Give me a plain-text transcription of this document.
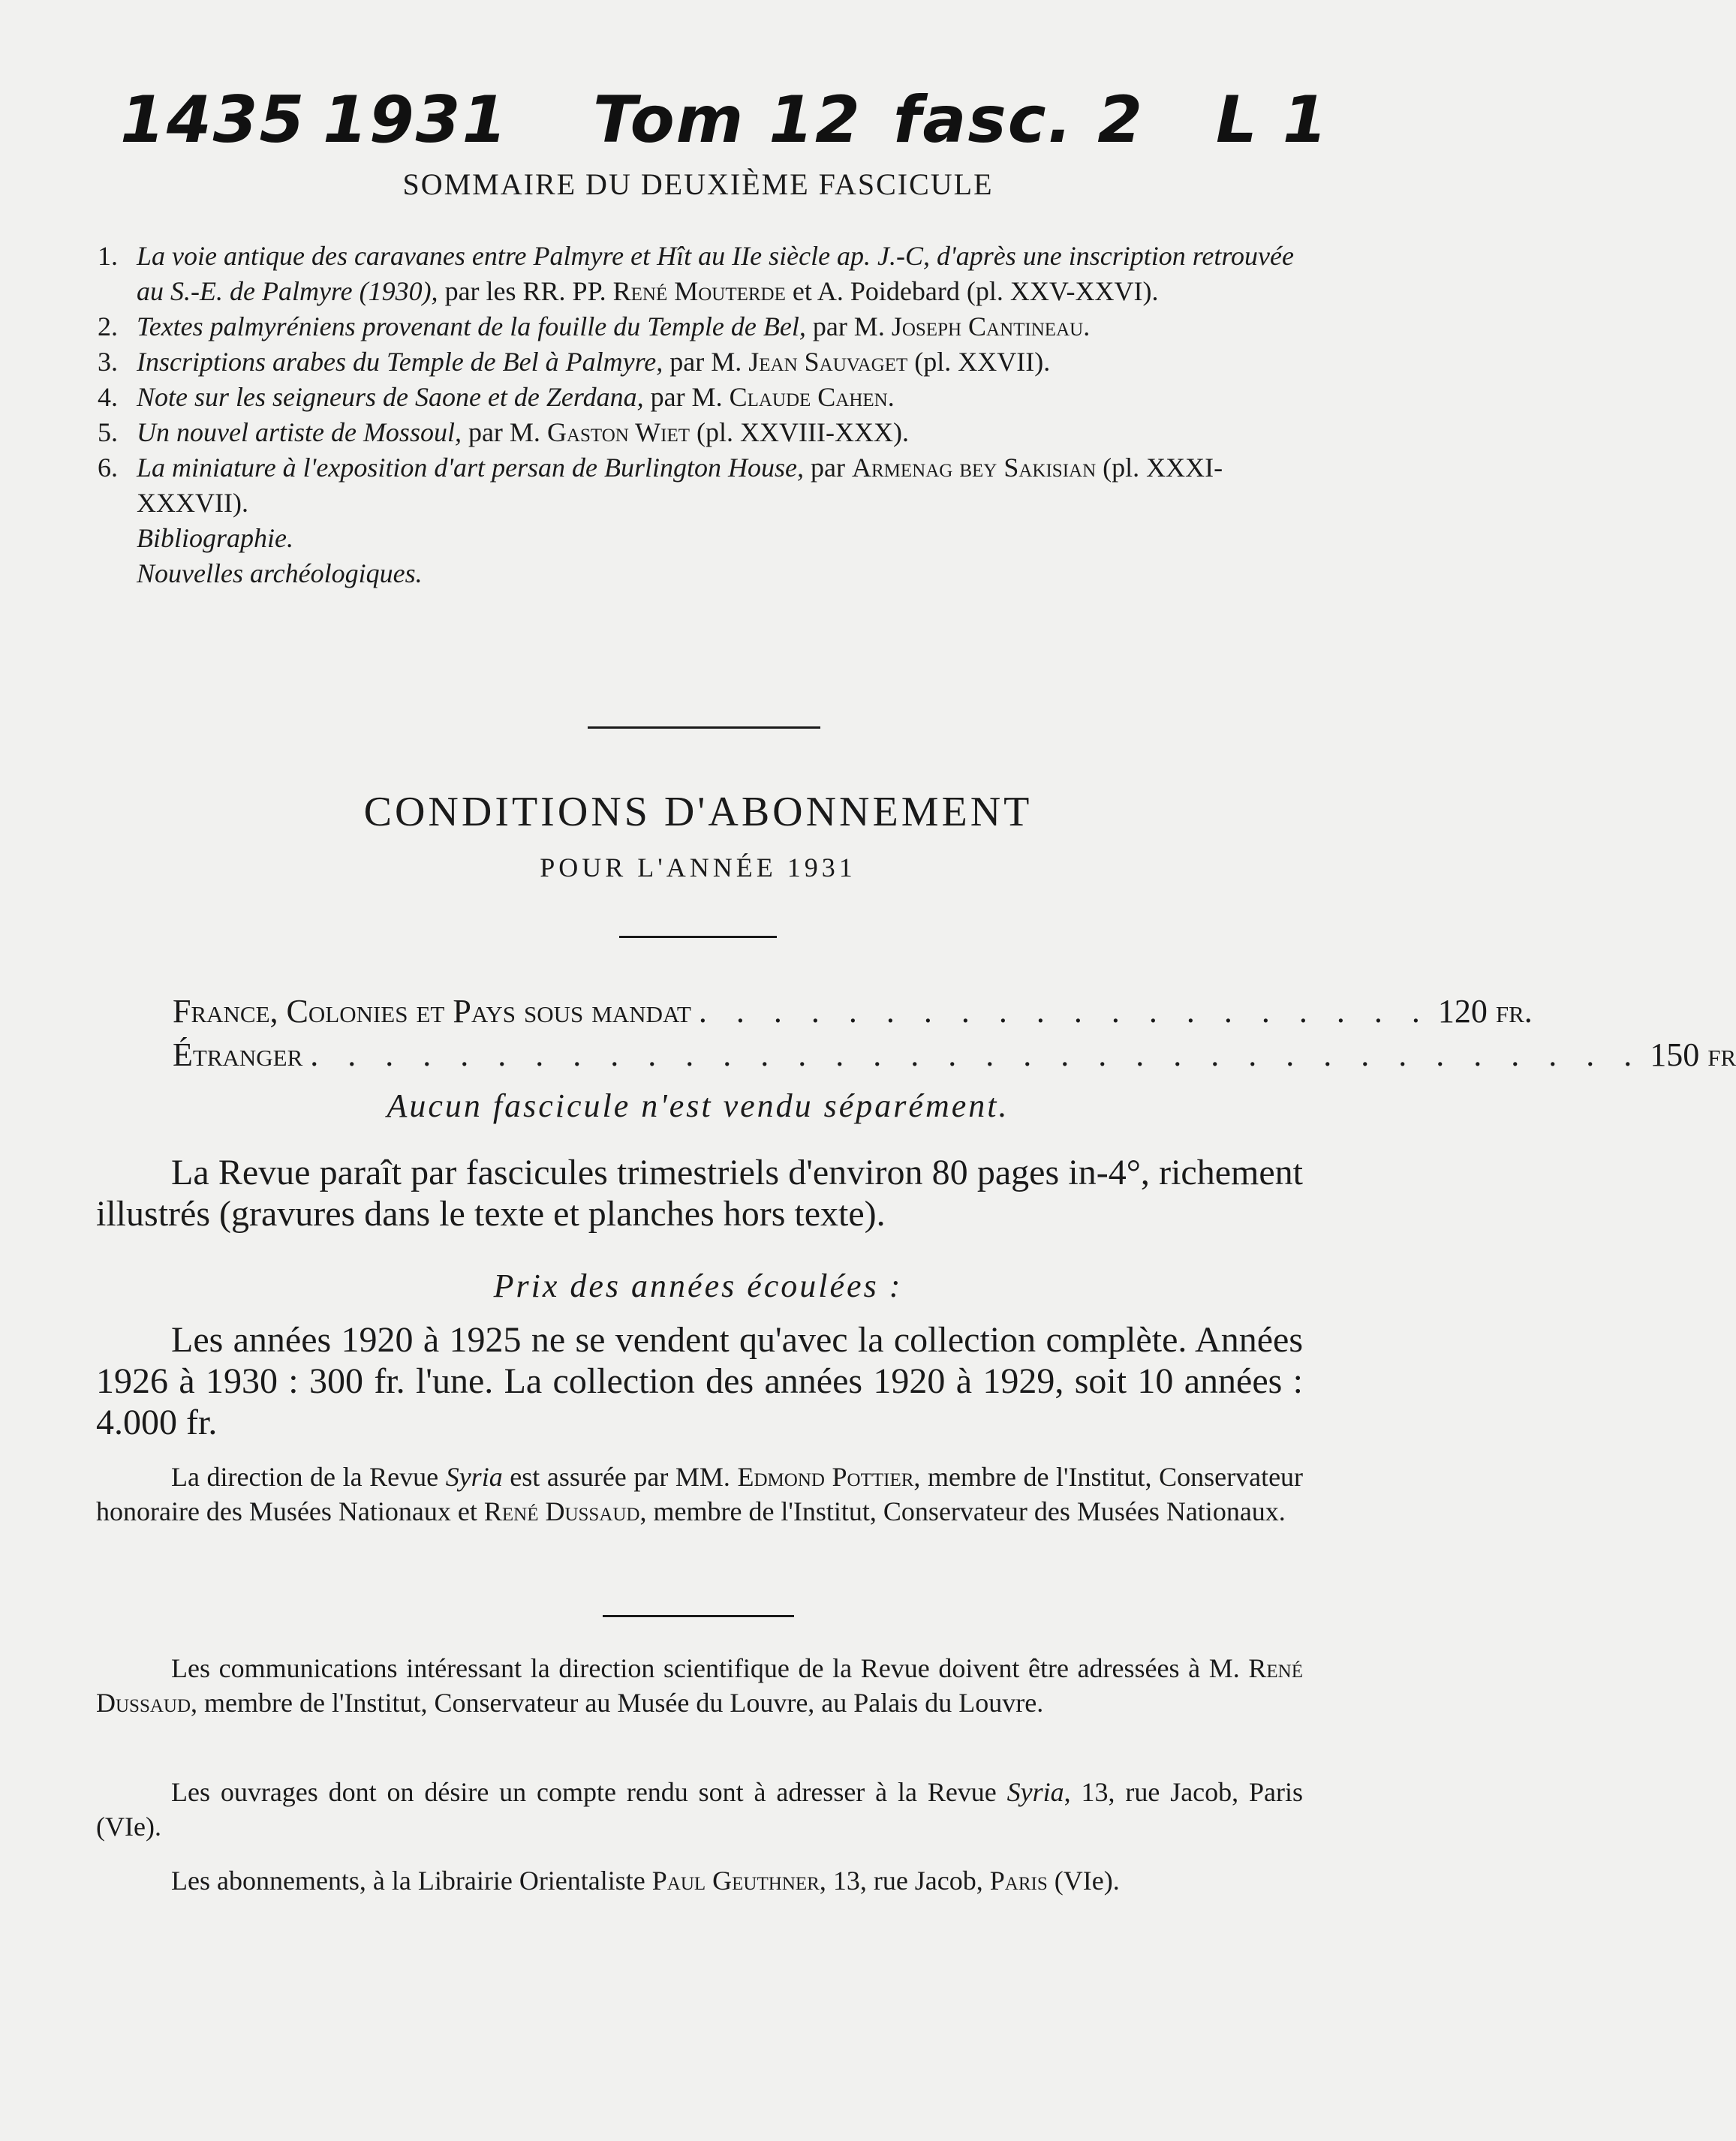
1435 1931 Tom 12 fasc. 2 L 1
SOMMAIRE DU DEUXIÈME FASCICULE
1. La voie antique des caravanes entre Palmyre et Hît au IIe siècle ap. J.-C, d'après une inscription retrouvée au S.-E. de Palmyre (1930), par les RR. PP. René Mouterde et A. Poidebard (pl. XXV-XXVI).
2. Textes palmyréniens provenant de la fouille du Temple de Bel, par M. Joseph Cantineau.
3. Inscriptions arabes du Temple de Bel à Palmyre, par M. Jean Sauvaget (pl. XXVII).
4. Note sur les seigneurs de Saone et de Zerdana, par M. Claude Cahen.
5. Un nouvel artiste de Mossoul, par M. Gaston Wiet (pl. XXVIII-XXX).
6. La miniature à l'exposition d'art persan de Burlington House, par Armenag bey Sakisian (pl. XXXI-XXXVII).
Bibliographie.
Nouvelles archéologiques.
CONDITIONS D'ABONNEMENT
POUR L'ANNÉE 1931
France, Colonies et Pays sous mandat . . . . . . . . . . . . . . . . . . . . 120 fr.
Étranger . . . . . . . . . . . . . . . . . . . . . . . . . . . . . . . . . . . . 150 fr
Aucun fascicule n'est vendu séparément.
La Revue paraît par fascicules trimestriels d'environ 80 pages in-4°, richement illustrés (gravures dans le texte et planches hors texte).
Prix des années écoulées :
Les années 1920 à 1925 ne se vendent qu'avec la collection complète. Années 1926 à 1930 : 300 fr. l'une. La collection des années 1920 à 1929, soit 10 années : 4.000 fr.
La direction de la Revue Syria est assurée par MM. Edmond Pottier, membre de l'Institut, Conservateur honoraire des Musées Nationaux et René Dussaud, membre de l'Institut, Conservateur des Musées Nationaux.
Les communications intéressant la direction scientifique de la Revue doivent être adressées à M. René Dussaud, membre de l'Institut, Conservateur au Musée du Louvre, au Palais du Louvre.
Les ouvrages dont on désire un compte rendu sont à adresser à la Revue Syria, 13, rue Jacob, Paris (VIe).
Les abonnements, à la Librairie Orientaliste Paul Geuthner, 13, rue Jacob, Paris (VIe).
